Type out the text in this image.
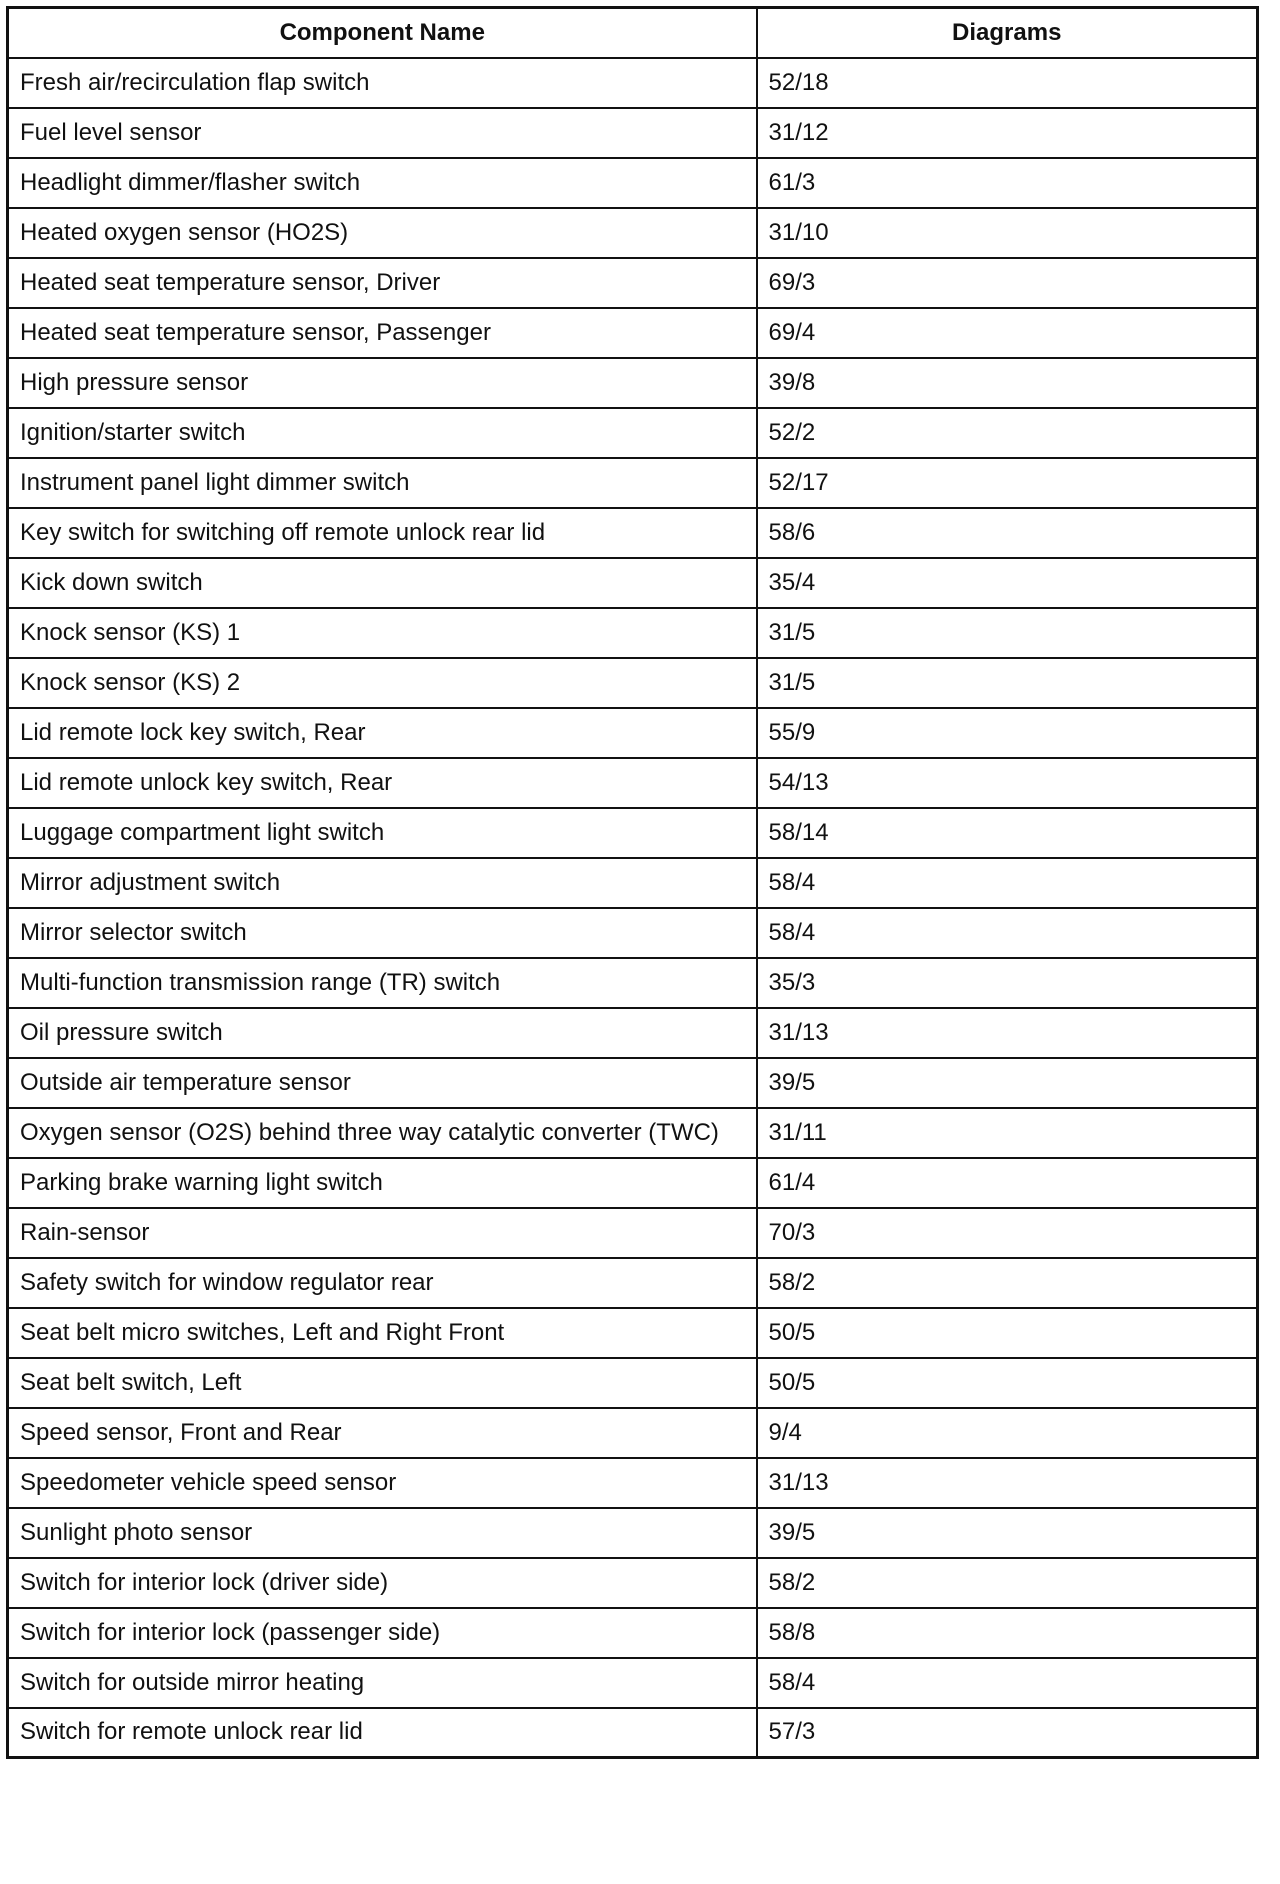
Component Name	Diagrams
Fresh air/recirculation flap switch	52/18
Fuel level sensor	31/12
Headlight dimmer/flasher switch	61/3
Heated oxygen sensor (HO2S)	31/10
Heated seat temperature sensor, Driver	69/3
Heated seat temperature sensor, Passenger	69/4
High pressure sensor	39/8
Ignition/starter switch	52/2
Instrument panel light dimmer switch	52/17
Key switch for switching off remote unlock rear lid	58/6
Kick down switch	35/4
Knock sensor (KS) 1	31/5
Knock sensor (KS) 2	31/5
Lid remote lock key switch, Rear	55/9
Lid remote unlock key switch, Rear	54/13
Luggage compartment light switch	58/14
Mirror adjustment switch	58/4
Mirror selector switch	58/4
Multi-function transmission range (TR) switch	35/3
Oil pressure switch	31/13
Outside air temperature sensor	39/5
Oxygen sensor (O2S) behind three way catalytic converter (TWC)	31/11
Parking brake warning light switch	61/4
Rain-sensor	70/3
Safety switch for window regulator rear	58/2
Seat belt micro switches, Left and Right Front	50/5
Seat belt switch, Left	50/5
Speed sensor, Front and Rear	9/4
Speedometer vehicle speed sensor	31/13
Sunlight photo sensor	39/5
Switch for interior lock (driver side)	58/2
Switch for interior lock (passenger side)	58/8
Switch for outside mirror heating	58/4
Switch for remote unlock rear lid	57/3
